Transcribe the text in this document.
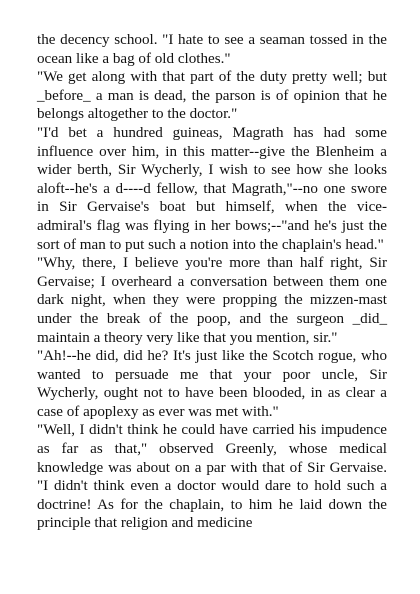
the decency school. "I hate to see a seaman tossed in the ocean like a bag of old clothes."

"We get along with that part of the duty pretty well; but _before_ a man is dead, the parson is of opinion that he belongs altogether to the doctor."

"I'd bet a hundred guineas, Magrath has had some influence over him, in this matter--give the Blenheim a wider berth, Sir Wycherly, I wish to see how she looks aloft--he's a d----d fellow, that Magrath,"--no one swore in Sir Gervaise's boat but himself, when the vice-admiral's flag was flying in her bows;--"and he's just the sort of man to put such a notion into the chaplain's head."

"Why, there, I believe you're more than half right, Sir Gervaise; I overheard a conversation between them one dark night, when they were propping the mizzen-mast under the break of the poop, and the surgeon _did_ maintain a theory very like that you mention, sir."

"Ah!--he did, did he? It's just like the Scotch rogue, who wanted to persuade me that your poor uncle, Sir Wycherly, ought not to have been blooded, in as clear a case of apoplexy as ever was met with."

"Well, I didn't think he could have carried his impudence as far as that," observed Greenly, whose medical knowledge was about on a par with that of Sir Gervaise. "I didn't think even a doctor would dare to hold such a doctrine! As for the chaplain, to him he laid down the principle that religion and medicine
